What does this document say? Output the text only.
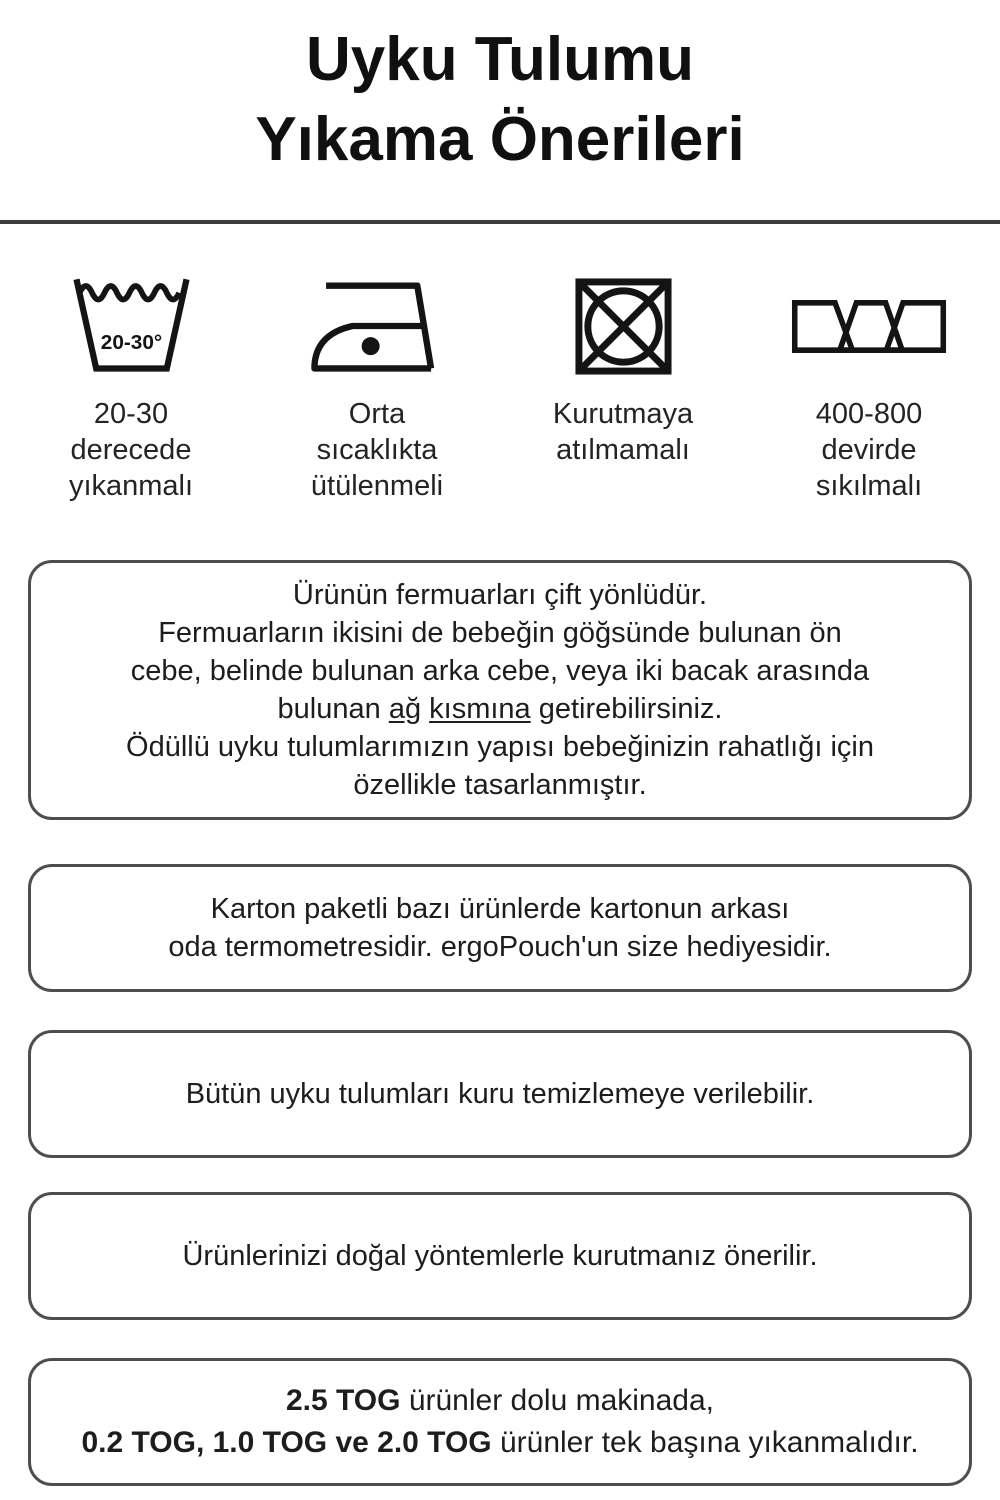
Uyku Tulumu
Yıkama Önerileri
20-30°
20-30
derecede
yıkanmalı
Orta
sıcaklıkta
ütülenmeli
Kurutmaya
atılmamalı
400-800
devirde
sıkılmalı
Ürünün fermuarları çift yönlüdür.
Fermuarların ikisini de bebeğin göğsünde bulunan ön
cebe, belinde bulunan arka cebe, veya iki bacak arasında
bulunan ağ kısmına getirebilirsiniz.
Ödüllü uyku tulumlarımızın yapısı bebeğinizin rahatlığı için
özellikle tasarlanmıştır.
Karton paketli bazı ürünlerde kartonun arkası
oda termometresidir. ergoPouch'un size hediyesidir.
Bütün uyku tulumları kuru temizlemeye verilebilir.
Ürünlerinizi doğal yöntemlerle kurutmanız önerilir.
2.5 TOG ürünler dolu makinada,
0.2 TOG, 1.0 TOG ve 2.0 TOG ürünler tek başına yıkanmalıdır.
